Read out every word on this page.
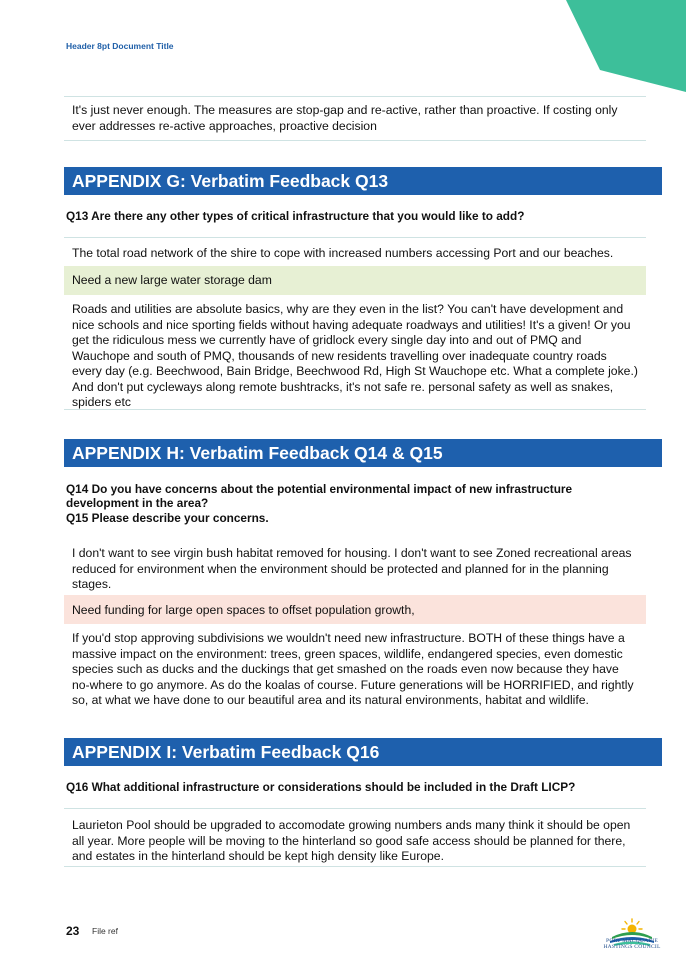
Header 8pt Document Title
It's just never enough. The measures are stop-gap and re-active, rather than proactive. If costing only ever addresses re-active approaches, proactive decision
APPENDIX G: Verbatim Feedback Q13
Q13 Are there any other types of critical infrastructure that you would like to add?
The total road network of the shire to cope with increased numbers accessing Port and our beaches.
Need a new large water storage dam
Roads and utilities are absolute basics, why are they even in the list? You can't have development and nice schools and nice sporting fields without having adequate roadways and utilities! It's a given! Or you get the ridiculous mess we currently have of gridlock every single day into and out of PMQ and Wauchope and south of PMQ, thousands of new residents travelling over inadequate country roads every day (e.g. Beechwood, Bain Bridge, Beechwood Rd, High St Wauchope etc. What a complete joke.) And don't put cycleways along remote bushtracks, it's not safe re. personal safety as well as snakes, spiders etc
APPENDIX H: Verbatim Feedback Q14 & Q15
Q14 Do you have concerns about the potential environmental impact of new infrastructure development in the area?
Q15 Please describe your concerns.
I don't want to see virgin bush habitat removed for housing. I don't want to see Zoned recreational areas reduced for environment when the environment should be protected and planned for in the planning stages.
Need funding for large open spaces to offset population growth,
If you'd stop approving subdivisions we wouldn't need new infrastructure. BOTH of these things have a massive impact on the environment: trees, green spaces, wildlife, endangered species, even domestic species such as ducks and the duckings that get smashed on the roads even now because they have no-where to go anymore. As do the koalas of course. Future generations will be HORRIFIED, and rightly so, at what we have done to our beautiful area and its natural environments, habitat and wildlife.
APPENDIX I: Verbatim Feedback Q16
Q16 What additional infrastructure or considerations should be included in the Draft LICP?
Laurieton Pool should be upgraded to accomodate growing numbers ands many think it should be open all year. More people will be moving to the hinterland so good safe access should be planned for there, and estates in the hinterland should be kept high density like Europe.
23 File ref
PORT MACQUARIE
HASTINGS COUNCIL
